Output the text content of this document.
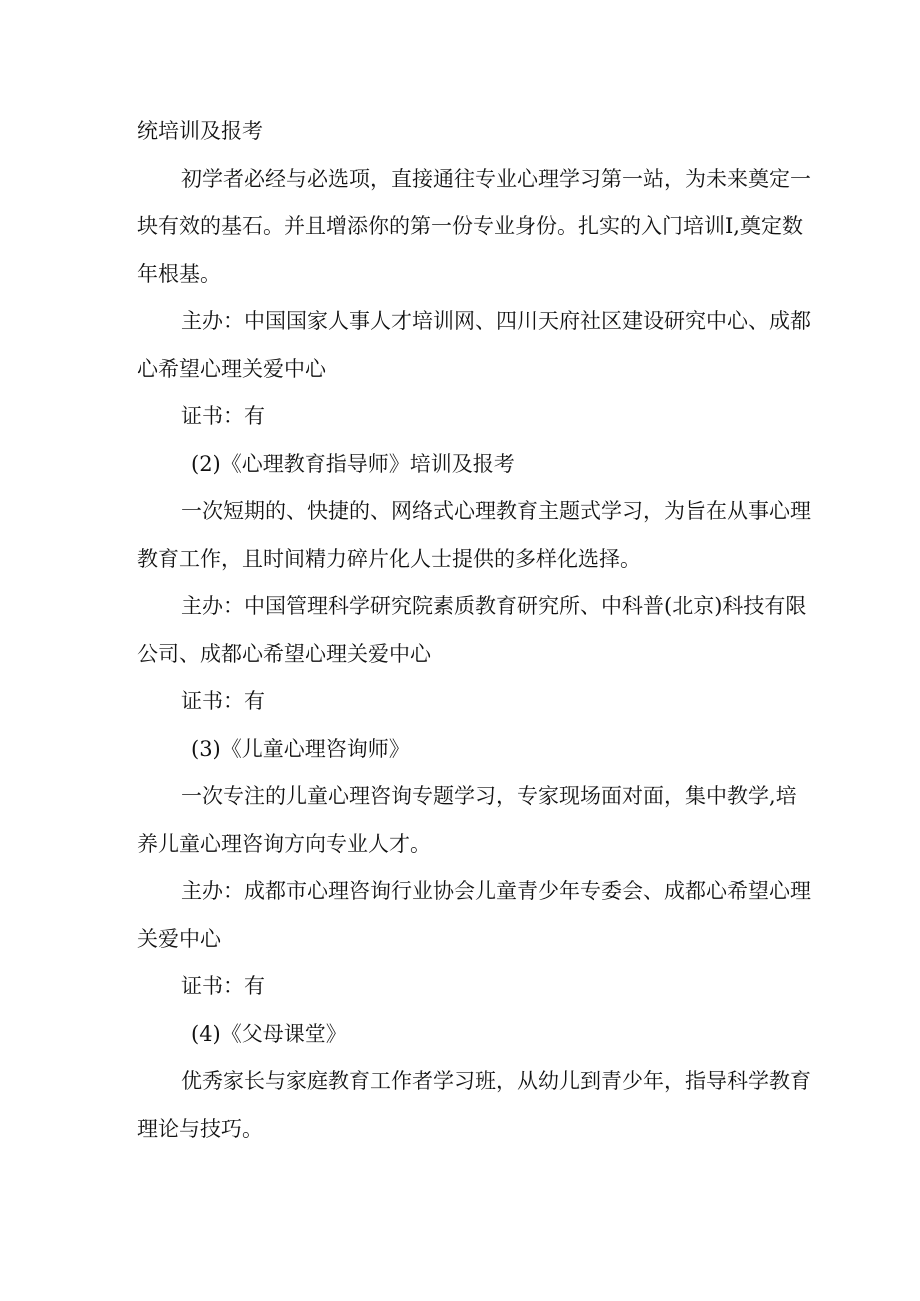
统培训及报考
初学者必经与必选项，直接通往专业心理学习第一站，为未来奠定一
块有效的基石。并且增添你的第一份专业身份。扎实的入门培训I,奠定数
年根基。
主办：中国国家人事人才培训网、四川天府社区建设研究中心、成都
心希望心理关爱中心
证书：有
(2)《心理教育指导师》培训及报考
一次短期的、快捷的、网络式心理教育主题式学习，为旨在从事心理
教育工作，且时间精力碎片化人士提供的多样化选择。
主办：中国管理科学研究院素质教育研究所、中科普(北京)科技有限
公司、成都心希望心理关爱中心
证书：有
(3)《儿童心理咨询师》
一次专注的儿童心理咨询专题学习，专家现场面对面，集中教学,培
养儿童心理咨询方向专业人才。
主办：成都市心理咨询行业协会儿童青少年专委会、成都心希望心理
关爱中心
证书：有
(4)《父母课堂》
优秀家长与家庭教育工作者学习班，从幼儿到青少年，指导科学教育
理论与技巧。
